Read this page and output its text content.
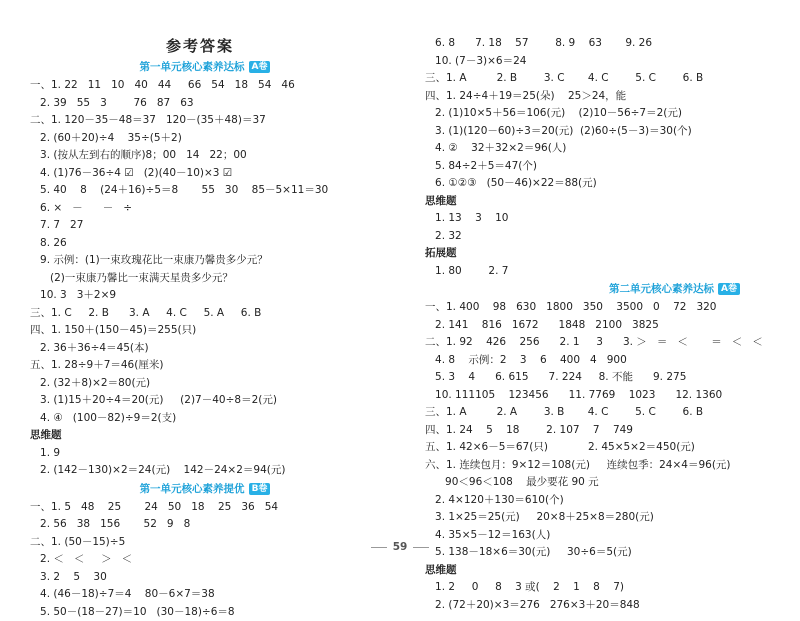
参考答案
第一单元核心素养达标 A卷
一、1. 22   11   10   40   44     66   54   18   54   46
2. 39   55   3        76   87   63
二、1. 120－35－48＝37   120－(35＋48)＝37
2. (60＋20)÷4    35÷(5＋2)
3. (按从左到右的顺序)8；00   14   22；00
4. (1)76－36÷4 ☑   (2)(40－10)×3 ☑
5. 40    8    (24＋16)÷5＝8       55   30    85－5×11＝30
6. ×   －      －   ÷
7. 7   27
8. 26
9. 示例：(1)一束玫瑰花比一束康乃馨贵多少元？
(2)一束康乃馨比一束满天星贵多少元？
10. 3   3＋2×9
三、1. C     2. B      3. A     4. C     5. A     6. B
四、1. 150＋(150－45)＝255(只)
2. 36＋36÷4＝45(本)
五、1. 28÷9＋7＝46(厘米)
2. (32＋8)×2＝80(元)
3. (1)15＋20÷4＝20(元)     (2)7－40÷8＝2(元)
4. ④   (100－82)÷9＝2(支)
思维题
1. 9
2. (142－130)×2＝24(元)    142－24×2＝94(元)
第一单元核心素养提优 B卷
一、1. 5   48    25       24   50   18    25   36   54
2. 56   38   156       52   9   8
二、1. (50－15)÷5
2. ＜   ＜     ＞   ＜
3. 2    5    30
4. (46－18)÷7＝4    80－6×7＝38
5. 50－(18－27)＝10   (30－18)÷6＝8
6. 8      7. 18    57        8. 9    63       9. 26
10. (7－3)×6＝24
三、1. A         2. B        3. C       4. C        5. C        6. B
四、1. 24÷4＋19＝25(朵)    25＞24，能
2. (1)10×5＋56＝106(元)    (2)10－56÷7＝2(元)
3. (1)(120－60)÷3＝20(元)  (2)60÷(5－3)＝30(个)
4. ②    32＋32×2＝96(人)
5. 84÷2＋5＝47(个)
6. ①②③   (50－46)×22＝88(元)
思维题
1. 13    3    10
2. 32
拓展题
1. 80        2. 7
第二单元核心素养达标 A卷
一、1. 400    98   630   1800   350    3500   0    72   320
2. 141    816   1672      1848   2100   3825
二、1. 92    426    256      2. 1     3      3. ＞   ＝   ＜       ＝   ＜   ＜
4. 8    示例：2    3    6    400   4   900
5. 3    4      6. 615      7. 224     8. 不能      9. 275
10. 111105    123456      11. 7769    1023      12. 1360
三、1. A         2. A        3. B       4. C        5. C        6. B
四、1. 24    5    18        2. 107    7    749
五、1. 42×6－5＝67(只)            2. 45×5×2＝450(元)
六、1. 连续包月：9×12＝108(元)     连续包季：24×4＝96(元)
90＜96＜108    最少要花 90 元
2. 4×120＋130＝610(个)
3. 1×25＝25(元)     20×8＋25×8＝280(元)
4. 35×5－12＝163(人)
5. 138－18×6＝30(元)     30÷6＝5(元)
思维题
1. 2     0     8    3 或(    2    1    8    7)
2. (72＋20)×3＝276   276×3＋20＝848
59
